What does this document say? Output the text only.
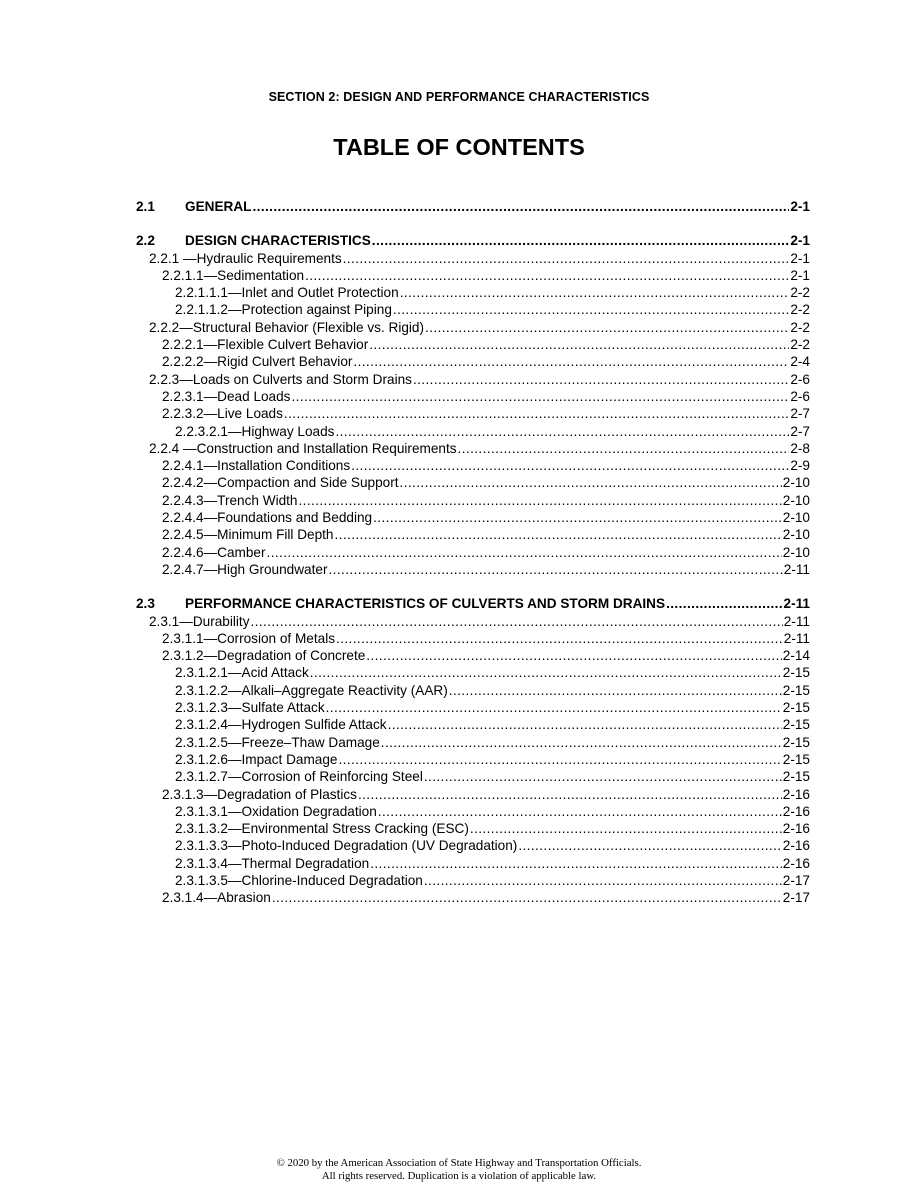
SECTION 2: DESIGN AND PERFORMANCE CHARACTERISTICS
TABLE OF CONTENTS
2.1	GENERAL .....	2-1
2.2	DESIGN CHARACTERISTICS .....	2-1
2.2.1 —Hydraulic Requirements .....	2-1
2.2.1.1—Sedimentation .....	2-1
2.2.1.1.1—Inlet and Outlet Protection .....	2-2
2.2.1.1.2—Protection against Piping .....	2-2
2.2.2—Structural Behavior (Flexible vs. Rigid) .....	2-2
2.2.2.1—Flexible Culvert Behavior .....	2-2
2.2.2.2—Rigid Culvert Behavior .....	2-4
2.2.3—Loads on Culverts and Storm Drains .....	2-6
2.2.3.1—Dead Loads .....	2-6
2.2.3.2—Live Loads .....	2-7
2.2.3.2.1—Highway Loads .....	2-7
2.2.4 —Construction and Installation Requirements .....	2-8
2.2.4.1—Installation Conditions .....	2-9
2.2.4.2—Compaction and Side Support .....	2-10
2.2.4.3—Trench Width .....	2-10
2.2.4.4—Foundations and Bedding .....	2-10
2.2.4.5—Minimum Fill Depth .....	2-10
2.2.4.6—Camber .....	2-10
2.2.4.7—High Groundwater .....	2-11
2.3	PERFORMANCE CHARACTERISTICS OF CULVERTS AND STORM DRAINS .....	2-11
2.3.1—Durability .....	2-11
2.3.1.1—Corrosion of Metals .....	2-11
2.3.1.2—Degradation of Concrete .....	2-14
2.3.1.2.1—Acid Attack .....	2-15
2.3.1.2.2—Alkali–Aggregate Reactivity (AAR) .....	2-15
2.3.1.2.3—Sulfate Attack .....	2-15
2.3.1.2.4—Hydrogen Sulfide Attack .....	2-15
2.3.1.2.5—Freeze–Thaw Damage .....	2-15
2.3.1.2.6—Impact Damage .....	2-15
2.3.1.2.7—Corrosion of Reinforcing Steel .....	2-15
2.3.1.3—Degradation of Plastics .....	2-16
2.3.1.3.1—Oxidation Degradation .....	2-16
2.3.1.3.2—Environmental Stress Cracking (ESC) .....	2-16
2.3.1.3.3—Photo-Induced Degradation (UV Degradation) .....	2-16
2.3.1.3.4—Thermal Degradation .....	2-16
2.3.1.3.5—Chlorine-Induced Degradation .....	2-17
2.3.1.4—Abrasion .....	2-17
© 2020 by the American Association of State Highway and Transportation Officials.
All rights reserved. Duplication is a violation of applicable law.
